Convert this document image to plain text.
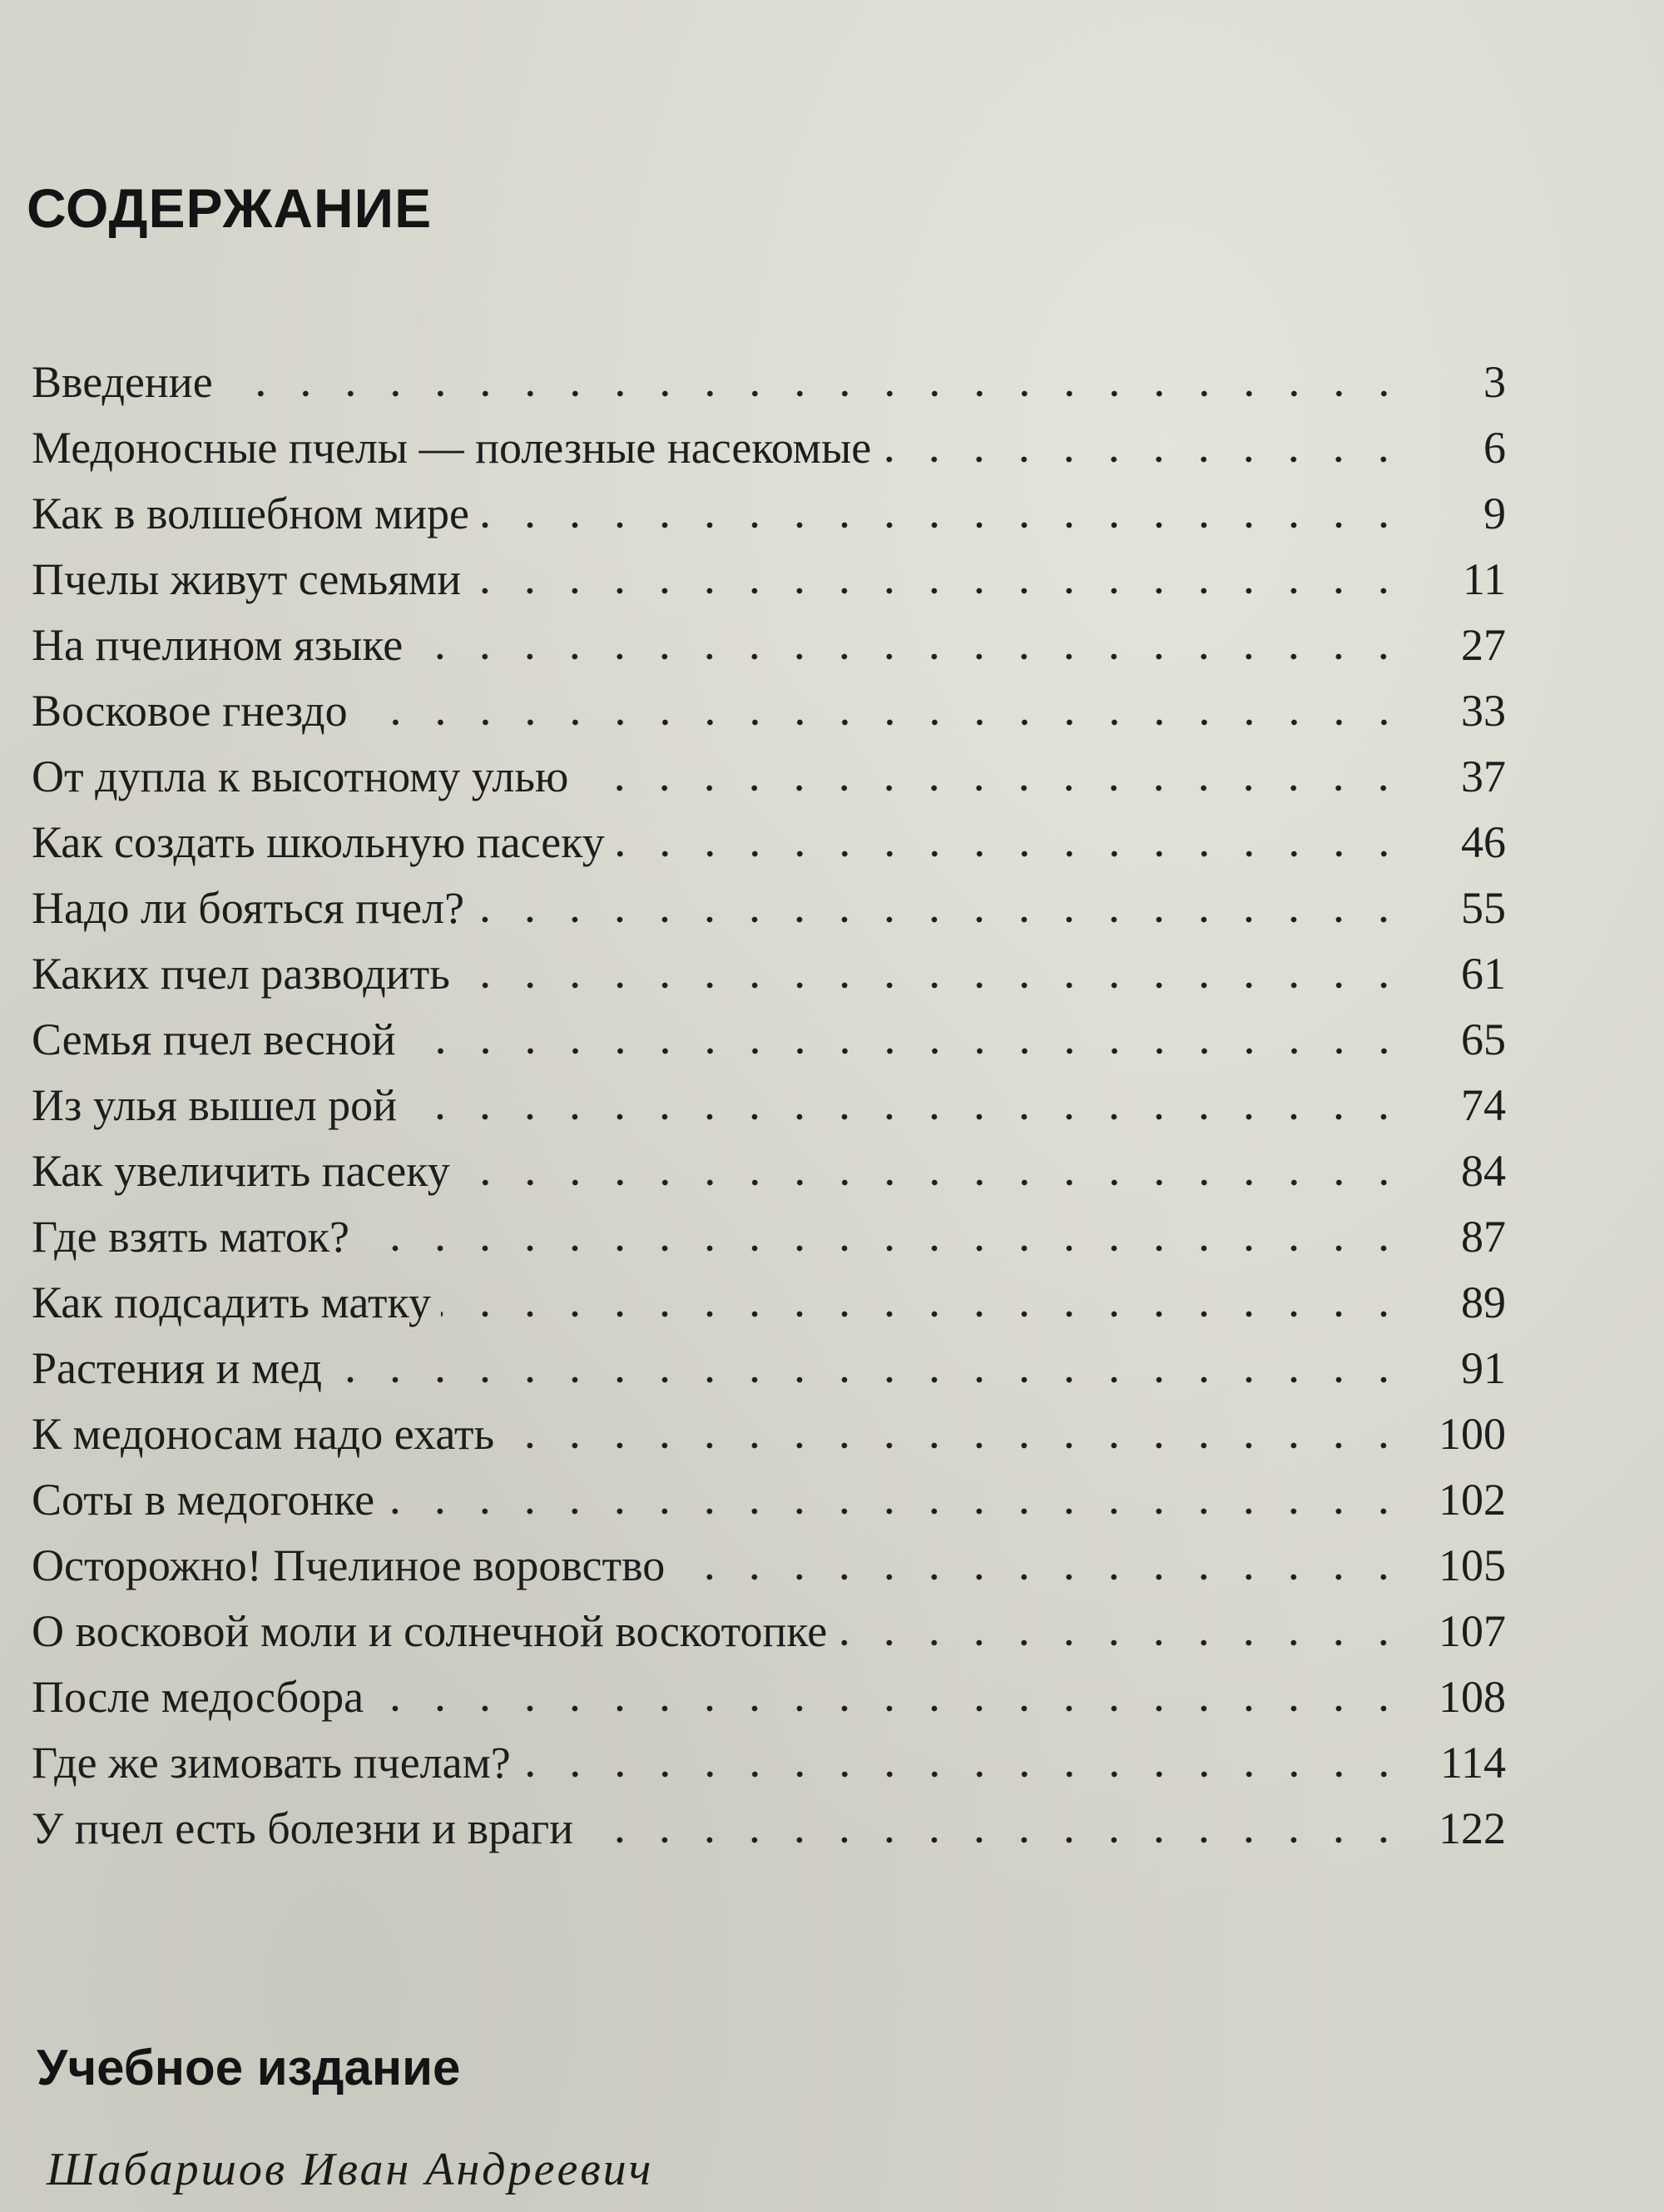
СОДЕРЖАНИЕ
Введение	3
Медоносные пчелы — полезные насекомые	6
Как в волшебном мире	9
Пчелы живут семьями	11
На пчелином языке	27
Восковое гнездо	33
От дупла к высотному улью	37
Как создать школьную пасеку	46
Надо ли бояться пчел?	55
Каких пчел разводить	61
Семья пчел весной	65
Из улья вышел рой	74
Как увеличить пасеку	84
Где взять маток?	87
Как подсадить матку	89
Растения и мед	91
К медоносам надо ехать	100
Соты в медогонке	102
Осторожно! Пчелиное воровство	105
О восковой моли и солнечной воскотопке	107
После медосбора	108
Где же зимовать пчелам?	114
У пчел есть болезни и враги	122
Учебное издание

Шабаршов Иван Андреевич
